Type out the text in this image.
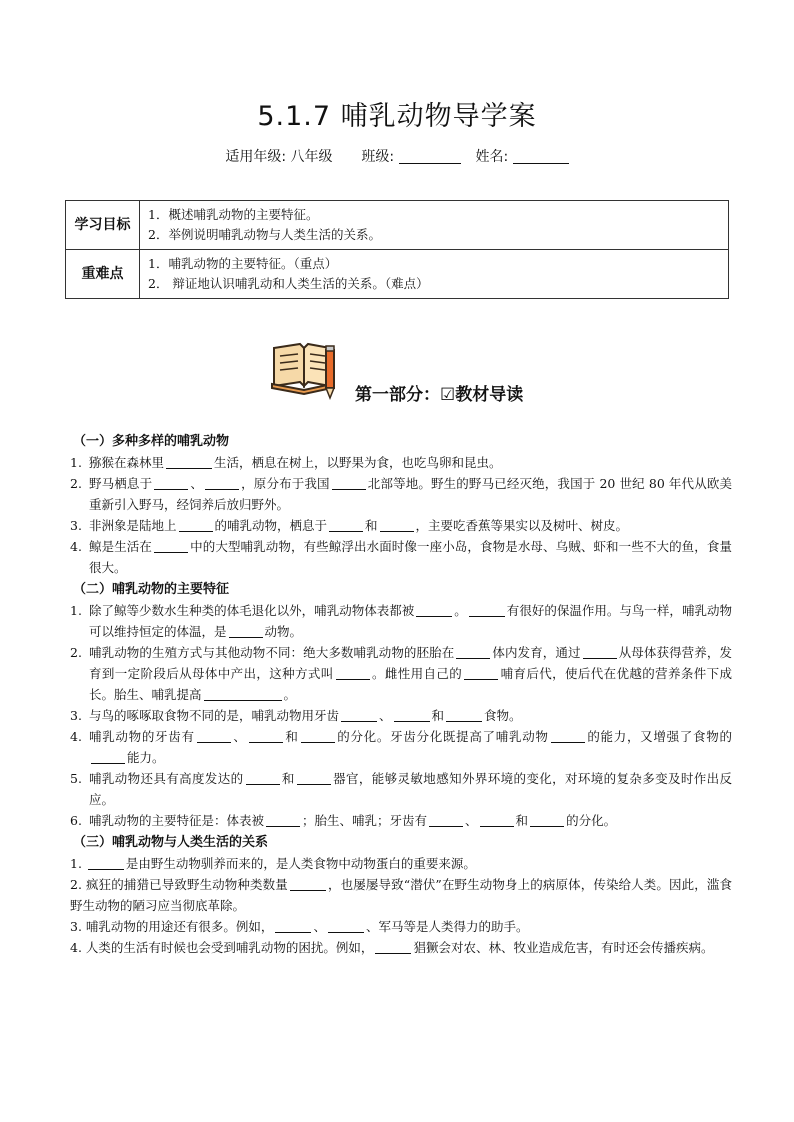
5.1.7 哺乳动物导学案
适用年级: 八年级 班级:	姓名:
学习目标	1．概述哺乳动物的主要特征。
2．举例说明哺乳动物与人类生活的关系。

重难点	1．哺乳动物的主要特征。（重点）
2． 辩证地认识哺乳动和人类生活的关系。（难点）
第一部分：☑教材导读
（一）多种多样的哺乳动物
1. 猕猴在森林里	生活，栖息在树上，以野果为食，也吃鸟卵和昆虫。
2. 野马栖息于	、	，原分布于我国	北部等地。野生的野马已经灭绝，我国于 20 世纪 80 年代从欧美重新引入野马，经饲养后放归野外。
3. 非洲象是陆地上	的哺乳动物，栖息于	和	，主要吃香蕉等果实以及树叶、树皮。
4. 鲸是生活在	中的大型哺乳动物，有些鲸浮出水面时像一座小岛，食物是水母、乌贼、虾和一些不大的鱼，食量很大。
（二）哺乳动物的主要特征
1. 除了鲸等少数水生种类的体毛退化以外，哺乳动物体表都被	。	有很好的保温作用。与鸟一样，哺乳动物可以维持恒定的体温，是	动物。
2. 哺乳动物的生殖方式与其他动物不同：绝大多数哺乳动物的胚胎在	体内发育，通过	从母体获得营养，发育到一定阶段后从母体中产出，这种方式叫	。雌性用自己的	哺育后代，使后代在优越的营养条件下成长。胎生、哺乳提高	。
3. 与鸟的啄啄取食物不同的是，哺乳动物用牙齿	、	和	食物。
4. 哺乳动物的牙齿有	、	和	的分化。牙齿分化既提高了哺乳动物	的能力，又增强了食物的能力。
5. 哺乳动物还具有高度发达的	和	器官，能够灵敏地感知外界环境的变化，对环境的复杂多变及时作出反应。
6. 哺乳动物的主要特征是：体表被	；胎生、哺乳；牙齿有	、	和	的分化。
（三）哺乳动物与人类生活的关系
1.	是由野生动物驯养而来的，是人类食物中动物蛋白的重要来源。
2. 疯狂的捕猎已导致野生动物种类数量	，也屡屡导致“潜伏”在野生动物身上的病原体，传染给人类。因此，滥食野生动物的陋习应当彻底革除。
3. 哺乳动物的用途还有很多。例如，	、	、军马等是人类得力的助手。
4. 人类的生活有时候也会受到哺乳动物的困扰。例如，	猖獗会对农、林、牧业造成危害，有时还会传播疾病。
